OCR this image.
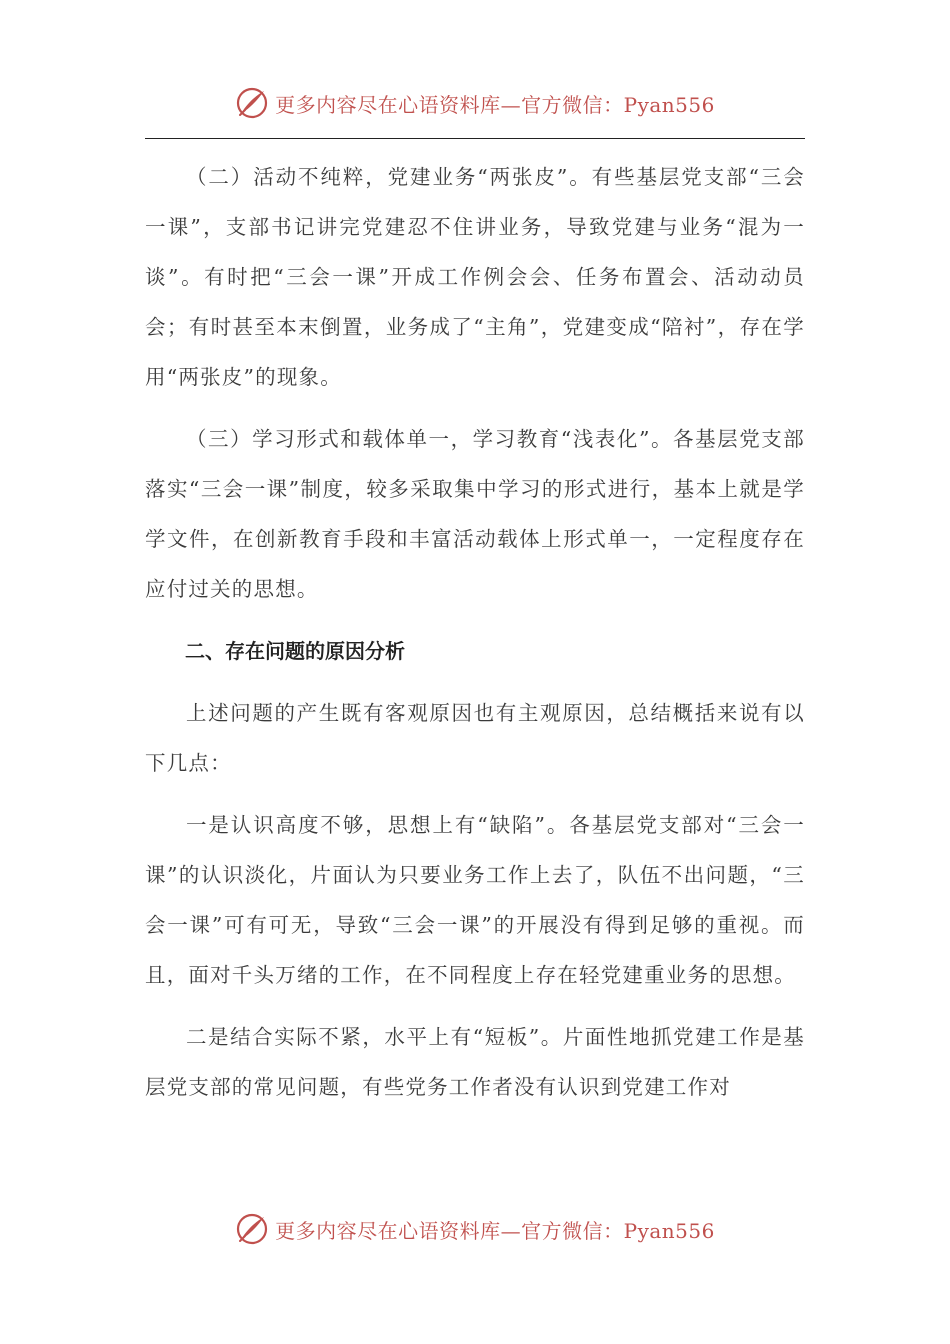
更多内容尽在心语资料库—官方微信：Pyan556

（二）活动不纯粹，党建业务“两张皮”。有些基层党支部“三会一课”，支部书记讲完党建忍不住讲业务，导致党建与业务“混为一谈”。有时把“三会一课”开成工作例会会、任务布置会、活动动员会；有时甚至本末倒置，业务成了“主角”，党建变成“陪衬”，存在学用“两张皮”的现象。

（三）学习形式和载体单一，学习教育“浅表化”。各基层党支部落实“三会一课”制度，较多采取集中学习的形式进行，基本上就是学学文件，在创新教育手段和丰富活动载体上形式单一，一定程度存在应付过关的思想。

二、存在问题的原因分析

上述问题的产生既有客观原因也有主观原因，总结概括来说有以下几点：

一是认识高度不够，思想上有“缺陷”。各基层党支部对“三会一课”的认识淡化，片面认为只要业务工作上去了，队伍不出问题，“三会一课”可有可无，导致“三会一课”的开展没有得到足够的重视。而且，面对千头万绪的工作，在不同程度上存在轻党建重业务的思想。

二是结合实际不紧，水平上有“短板”。片面性地抓党建工作是基层党支部的常见问题，有些党务工作者没有认识到党建工作对

更多内容尽在心语资料库—官方微信：Pyan556
